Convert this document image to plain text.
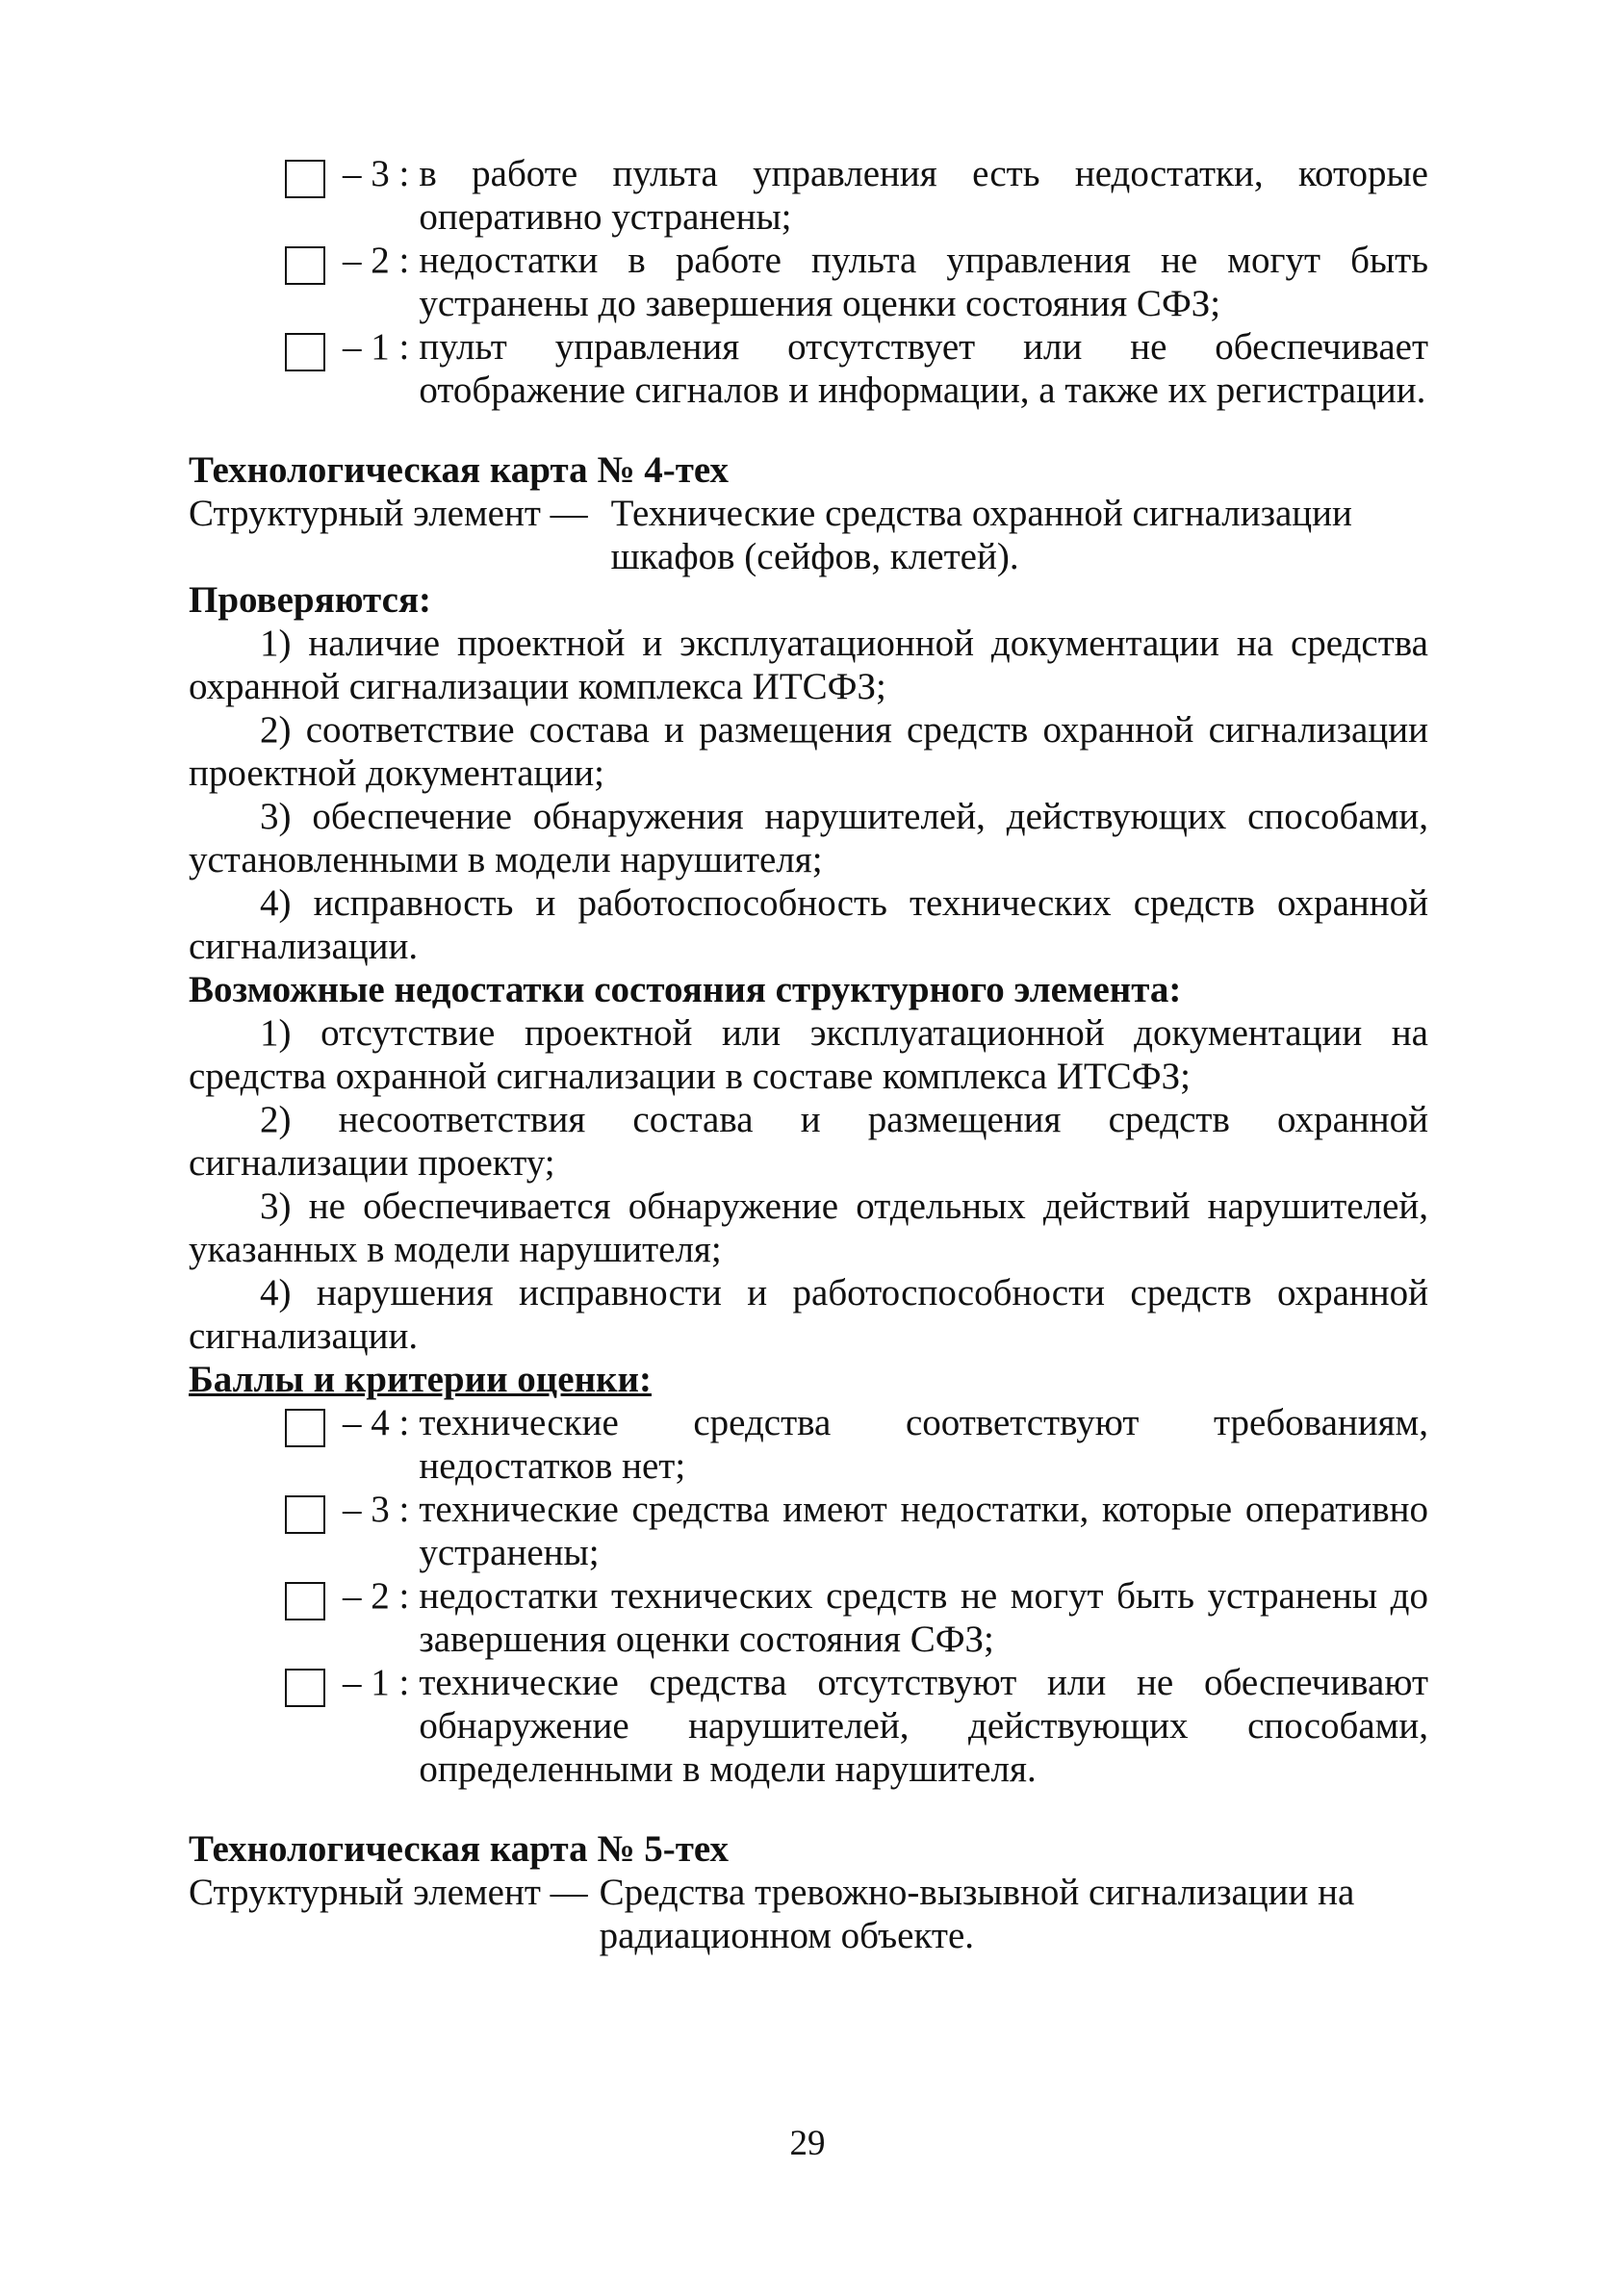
– 3 : в работе пульта управления есть недостатки, которые оперативно устранены;
– 2 : недостатки в работе пульта управления не могут быть устранены до завершения оценки состояния СФЗ;
– 1 : пульт управления отсутствует или не обеспечивает отображение сигналов и информации, а также их регистрации.

Технологическая карта № 4-тех

Структурный элемент — Технические средства охранной сигнализации

шкафов (сейфов, клетей).

Проверяются:

1) наличие проектной и эксплуатационной документации на средства охранной сигнализации комплекса ИТСФЗ;

2) соответствие состава и размещения средств охранной сигнализации проектной документации;

3) обеспечение обнаружения нарушителей, действующих способами, установленными в модели нарушителя;

4) исправность и работоспособность технических средств охранной сигнализации.

Возможные недостатки состояния структурного элемента:

1) отсутствие проектной или эксплуатационной документации на средства охранной сигнализации в составе комплекса ИТСФЗ;

2) несоответствия состава и размещения средств охранной сигнализации проекту;

3) не обеспечивается обнаружение отдельных действий нарушителей, указанных в модели нарушителя;

4) нарушения исправности и работоспособности средств охранной сигнализации.

Баллы и критерии оценки:

– 4 : технические средства соответствуют требованиям, недостатков нет;
– 3 : технические средства имеют недостатки, которые оперативно устранены;
– 2 : недостатки технических средств не могут быть устранены до завершения оценки состояния СФЗ;
– 1 : технические средства отсутствуют или не обеспечивают обнаружение нарушителей, действующих способами, определенными в модели нарушителя.

Технологическая карта № 5-тех

Структурный элемент — Средства тревожно-вызывной сигнализации на

радиационном объекте.

29
